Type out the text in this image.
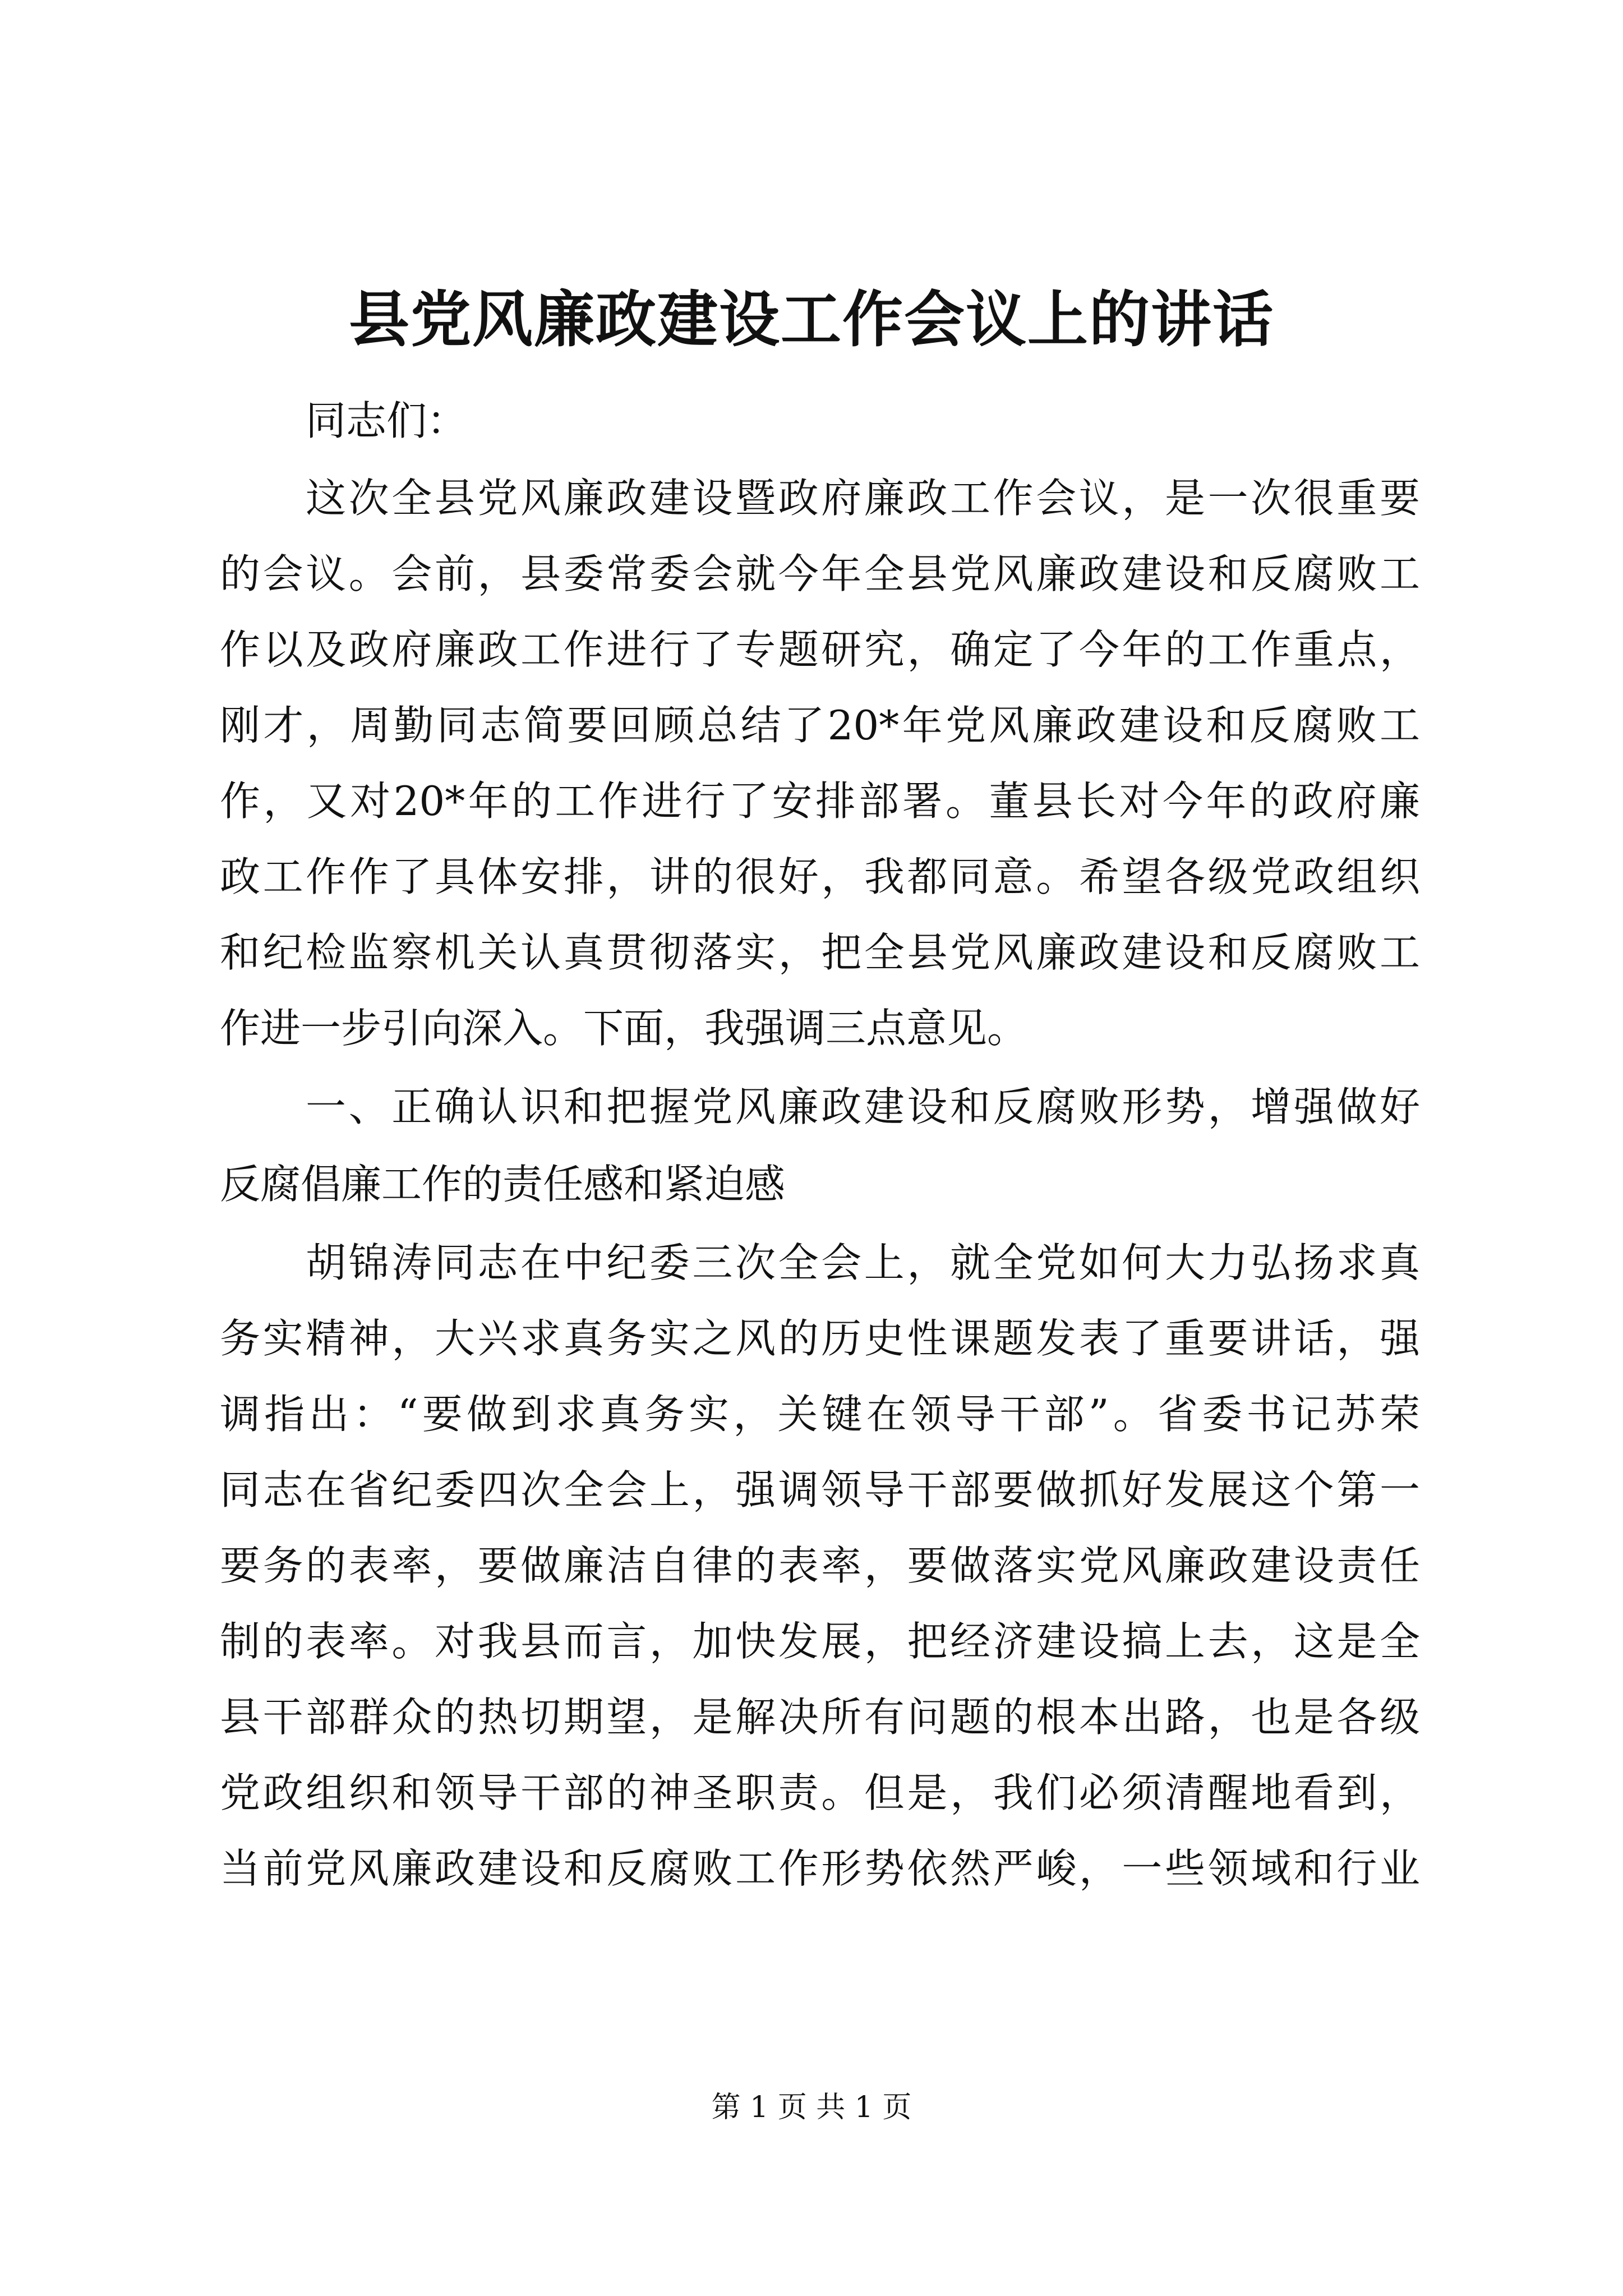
县党风廉政建设工作会议上的讲话

同志们：

这次全县党风廉政建设暨政府廉政工作会议，是一次很重要

的会议。会前，县委常委会就今年全县党风廉政建设和反腐败工

作以及政府廉政工作进行了专题研究，确定了今年的工作重点，

刚才，周勤同志简要回顾总结了20*年党风廉政建设和反腐败工

作，又对20*年的工作进行了安排部署。董县长对今年的政府廉

政工作作了具体安排，讲的很好，我都同意。希望各级党政组织

和纪检监察机关认真贯彻落实，把全县党风廉政建设和反腐败工

作进一步引向深入。下面，我强调三点意见。

一、正确认识和把握党风廉政建设和反腐败形势，增强做好

反腐倡廉工作的责任感和紧迫感

胡锦涛同志在中纪委三次全会上，就全党如何大力弘扬求真

务实精神，大兴求真务实之风的历史性课题发表了重要讲话，强

调指出：“要做到求真务实，关键在领导干部”。省委书记苏荣

同志在省纪委四次全会上，强调领导干部要做抓好发展这个第一

要务的表率，要做廉洁自律的表率，要做落实党风廉政建设责任

制的表率。对我县而言，加快发展，把经济建设搞上去，这是全

县干部群众的热切期望，是解决所有问题的根本出路，也是各级

党政组织和领导干部的神圣职责。但是，我们必须清醒地看到，

当前党风廉政建设和反腐败工作形势依然严峻，一些领域和行业

第 1 页 共 1 页
